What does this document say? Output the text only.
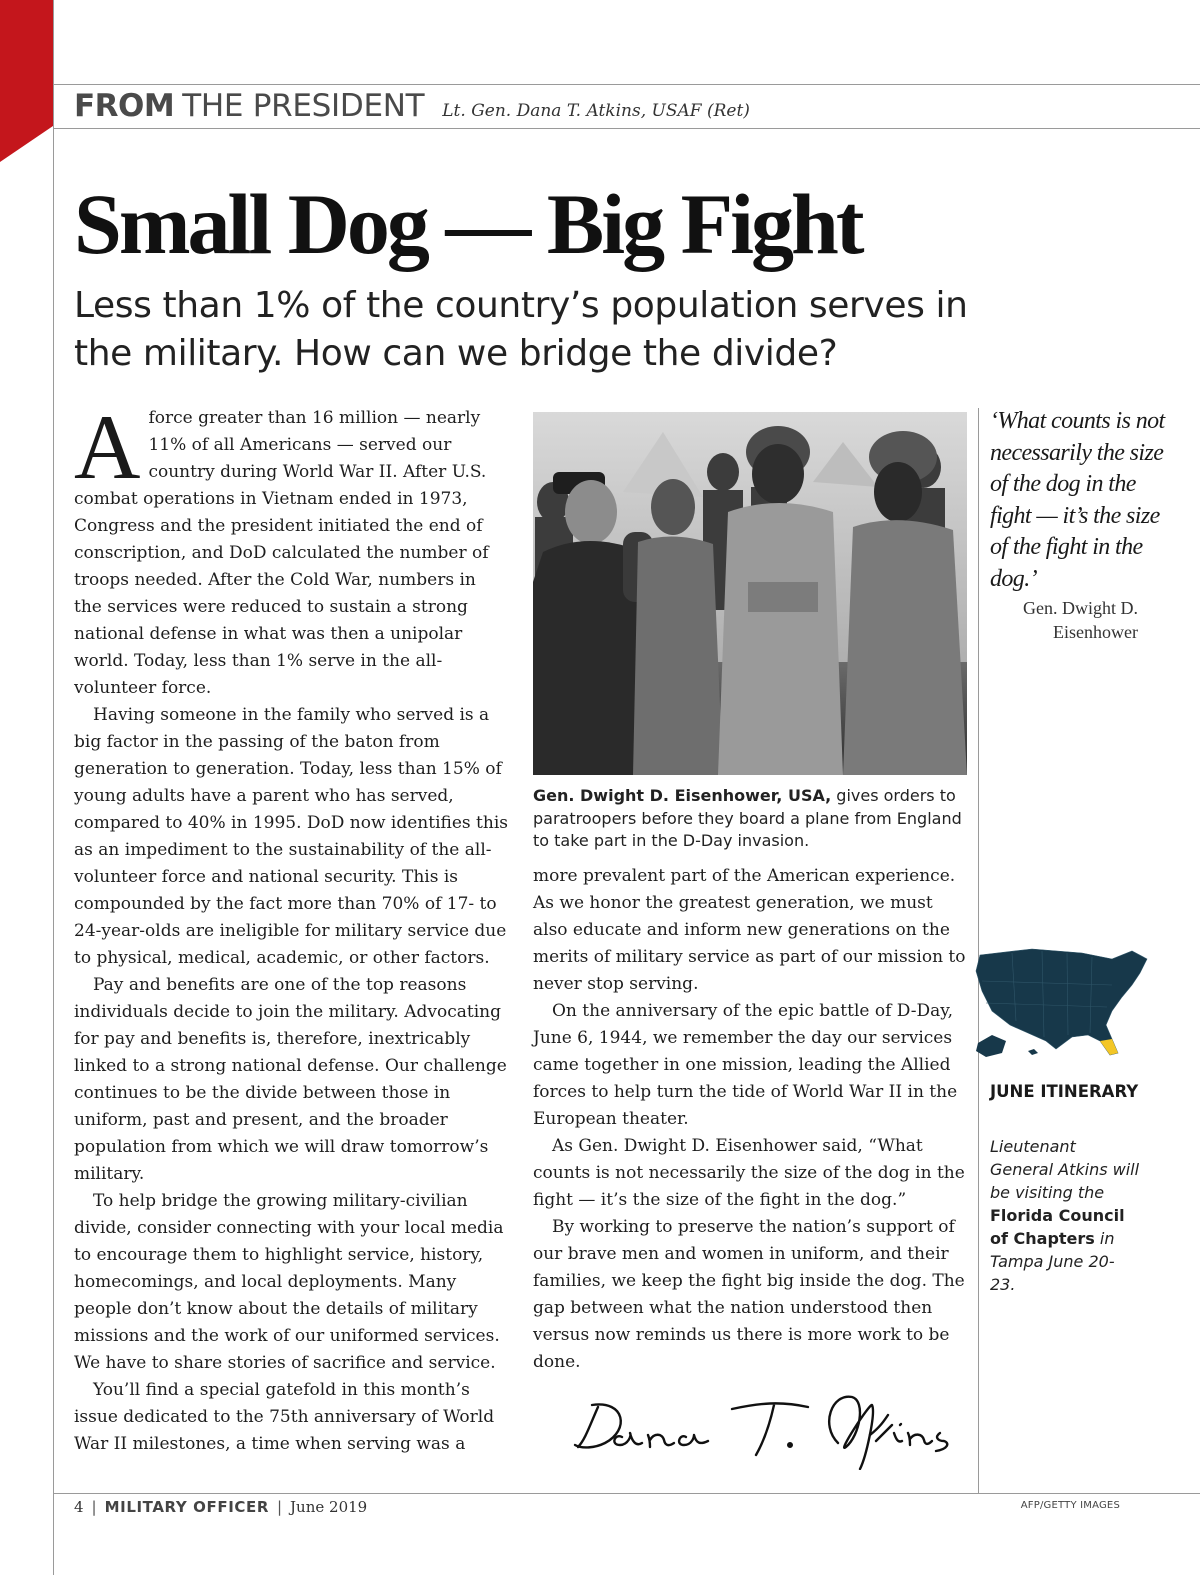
FROM THE PRESIDENT Lt. Gen. Dana T. Atkins, USAF (Ret)
Small Dog — Big Fight
Less than 1% of the country’s population serves in the military. How can we bridge the divide?

A force greater than 16 million — nearly 11% of all Americans — served our country during World War II. After U.S. combat operations in Vietnam ended in 1973, Congress and the president initiated the end of conscription, and DoD calculated the number of troops needed. After the Cold War, numbers in the services were reduced to sustain a strong national defense in what was then a unipolar world. Today, less than 1% serve in the all-volunteer force.

Having someone in the family who served is a big factor in the passing of the baton from generation to generation. Today, less than 15% of young adults have a parent who has served, compared to 40% in 1995. DoD now identifies this as an impediment to the sustainability of the all-volunteer force and national security. This is compounded by the fact more than 70% of 17- to 24-year-olds are ineligible for military service due to physical, medical, academic, or other factors.

Pay and benefits are one of the top reasons individuals decide to join the military. Advocating for pay and benefits is, therefore, inextricably linked to a strong national defense. Our challenge continues to be the divide between those in uniform, past and present, and the broader population from which we will draw tomorrow’s military.

To help bridge the growing military-civilian divide, consider connecting with your local media to encourage them to highlight service, history, homecomings, and local deployments. Many people don’t know about the details of military missions and the work of our uniformed services. We have to share stories of sacrifice and service.

You’ll find a special gatefold in this month’s issue dedicated to the 75th anniversary of World War II milestones, a time when serving was a

Gen. Dwight D. Eisenhower, USA, gives orders to paratroopers before they board a plane from England to take part in the D-Day invasion.

more prevalent part of the American experience. As we honor the greatest generation, we must also educate and inform new generations on the merits of military service as part of our mission to never stop serving.

On the anniversary of the epic battle of D-Day, June 6, 1944, we remember the day our services came together in one mission, leading the Allied forces to help turn the tide of World War II in the European theater.

As Gen. Dwight D. Eisenhower said, “What counts is not necessarily the size of the dog in the fight — it’s the size of the fight in the dog.”

By working to preserve the nation’s support of our brave men and women in uniform, and their families, we keep the fight big inside the dog. The gap between what the nation understood then versus now reminds us there is more work to be done.

‘What counts is not necessarily the size of the dog in the fight — it’s the size of the fight in the dog.’
Gen. Dwight D. Eisenhower
JUNE ITINERARY
Lieutenant General Atkins will be visiting the Florida Council of Chapters in Tampa June 20-23.
4 | MILITARY OFFICER | June 2019	AFP/GETTY IMAGES
